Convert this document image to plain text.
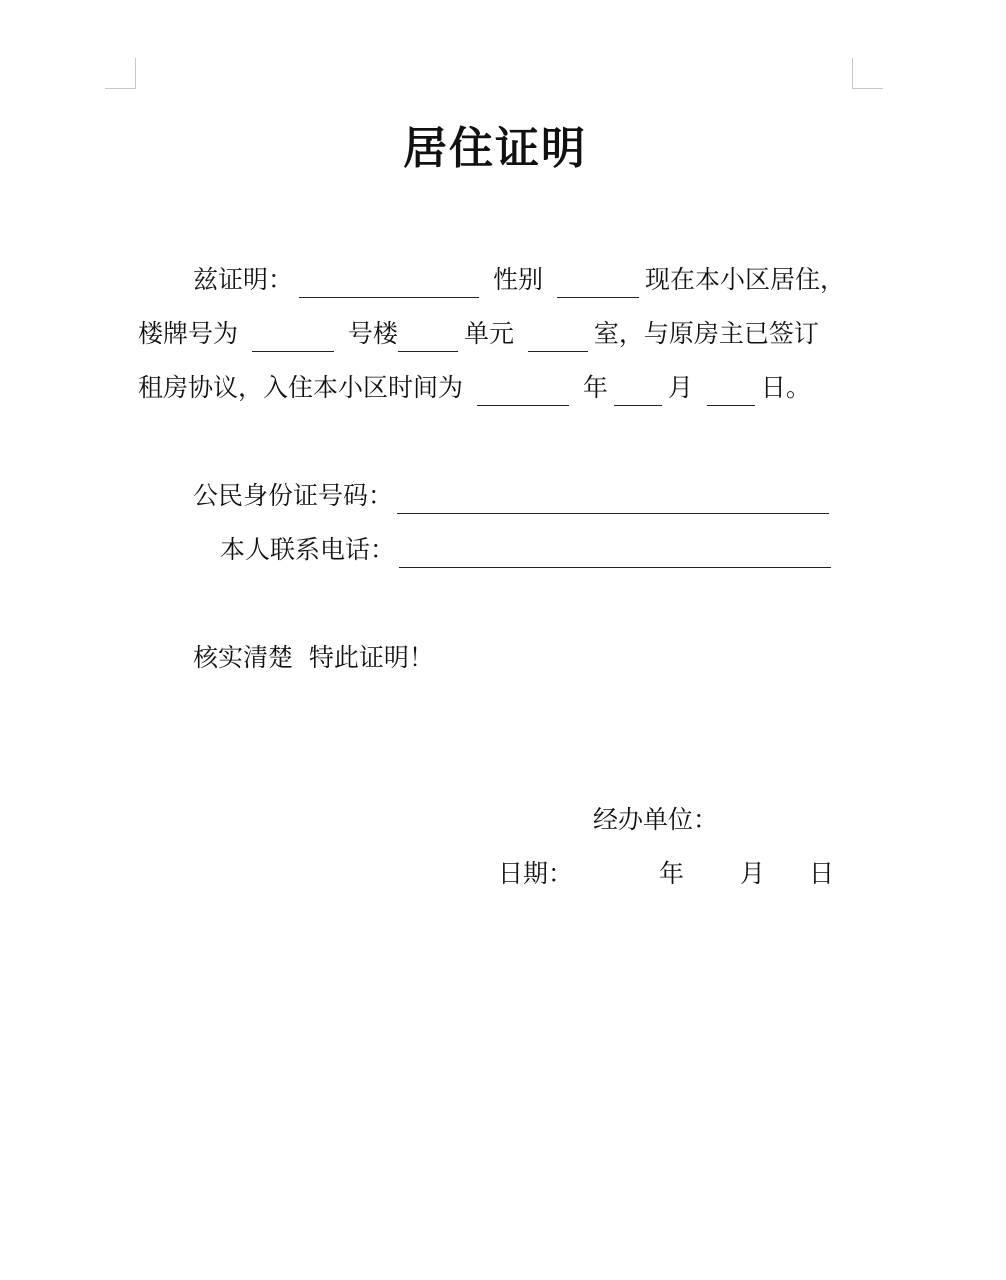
居住证明
兹证明：	性别	现在本小区居住，
楼牌号为	号楼	单元	室，与原房主已签订
租房协议，入住本小区时间为	年 月	日。
公民身份证号码：
本人联系电话：
核实清楚  特此证明！
经办单位：
日期：	年 月 日
